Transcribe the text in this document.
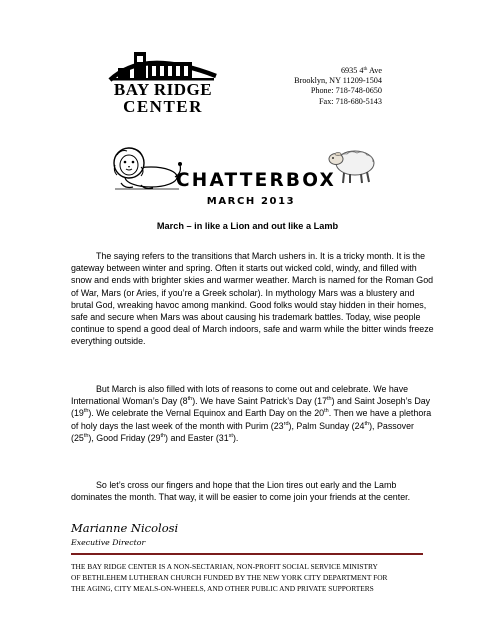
BAY RIDGE
CENTER
6935 4th Ave
Brooklyn, NY 11209-1504
Phone: 718-748-0650
Fax: 718-680-5143
CHATTERBOX
MARCH 2013
March – in like a Lion and out like a Lamb

The saying refers to the transitions that March ushers in. It is a tricky month. It is the gateway between winter and spring. Often it starts out wicked cold, windy, and filled with snow and ends with brighter skies and warmer weather. March is named for the Roman God of War, Mars (or Aries, if you’re a Greek scholar). In mythology Mars was a blustery and brutal God, wreaking havoc among mankind. Good folks would stay hidden in their homes, safe and secure when Mars was about causing his trademark battles. Today, wise people continue to spend a good deal of March indoors, safe and warm while the bitter winds freeze everything outside.

But March is also filled with lots of reasons to come out and celebrate. We have International Woman’s Day (8th). We have Saint Patrick’s Day (17th) and Saint Joseph’s Day (19th). We celebrate the Vernal Equinox and Earth Day on the 20th. Then we have a plethora of holy days the last week of the month with Purim (23rd), Palm Sunday (24th), Passover (25th), Good Friday (29th) and Easter (31st).

So let’s cross our fingers and hope that the Lion tires out early and the Lamb dominates the month. That way, it will be easier to come join your friends at the center.

Marianne Nicolosi
Executive Director
THE BAY RIDGE CENTER IS A NON-SECTARIAN, NON-PROFIT SOCIAL SERVICE MINISTRY
OF BETHLEHEM LUTHERAN CHURCH FUNDED BY THE NEW YORK CITY DEPARTMENT FOR
THE AGING, CITY MEALS-ON-WHEELS, AND OTHER PUBLIC AND PRIVATE SUPPORTERS
